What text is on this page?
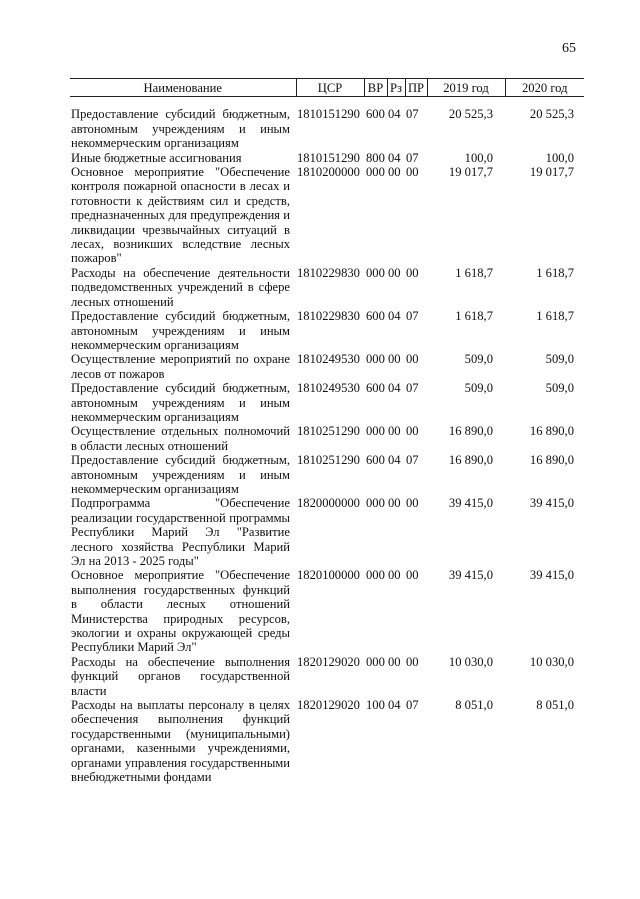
65
Наименование	ЦСР	ВР	Рз	ПР	2019 год	2020 год
Предоставление субсидий бюджетным, автономным учреждениям и иным некоммерческим организациям	1810151290	600	04	07	20 525,3	20 525,3
Иные бюджетные ассигнования	1810151290	800	04	07	100,0	100,0
Основное мероприятие "Обеспечение контроля пожарной опасности в лесах и готовности к действиям сил и средств, предназначенных для предупреждения и ликвидации чрезвычайных ситуаций в лесах, возникших вследствие лесных пожаров"	1810200000	000	00	00	19 017,7	19 017,7
Расходы на обеспечение деятельности подведомственных учреждений в сфере лесных отношений	1810229830	000	00	00	1 618,7	1 618,7
Предоставление субсидий бюджетным, автономным учреждениям и иным некоммерческим организациям	1810229830	600	04	07	1 618,7	1 618,7
Осуществление мероприятий по охране лесов от пожаров	1810249530	000	00	00	509,0	509,0
Предоставление субсидий бюджетным, автономным учреждениям и иным некоммерческим организациям	1810249530	600	04	07	509,0	509,0
Осуществление отдельных полномочий в области лесных отношений	1810251290	000	00	00	16 890,0	16 890,0
Предоставление субсидий бюджетным, автономным учреждениям и иным некоммерческим организациям	1810251290	600	04	07	16 890,0	16 890,0
Подпрограмма "Обеспечение реализации государственной программы Республики Марий Эл "Развитие лесного хозяйства Республики Марий Эл на 2013 - 2025 годы"	1820000000	000	00	00	39 415,0	39 415,0
Основное мероприятие "Обеспечение выполнения государственных функций в области лесных отношений Министерства природных ресурсов, экологии и охраны окружающей среды Республики Марий Эл"	1820100000	000	00	00	39 415,0	39 415,0
Расходы на обеспечение выполнения функций органов государственной власти	1820129020	000	00	00	10 030,0	10 030,0
Расходы на выплаты персоналу в целях обеспечения выполнения функций государственными (муниципальными) органами, казенными учреждениями, органами управления государственными внебюджетными фондами	1820129020	100	04	07	8 051,0	8 051,0
